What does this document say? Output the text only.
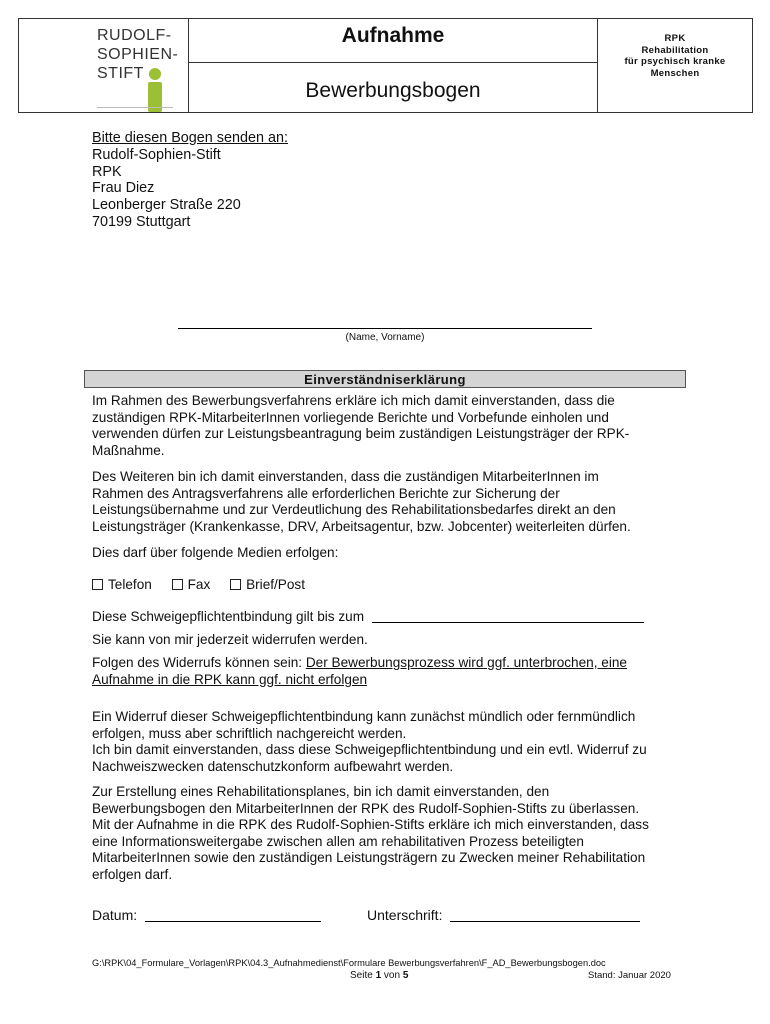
RUDOLF-
SOPHIEN-
STIFT
Aufnahme
Bewerbungsbogen
RPK
Rehabilitation
für psychisch kranke
Menschen
Bitte diesen Bogen senden an:
Rudolf-Sophien-Stift
RPK
Frau Diez
Leonberger Straße 220
70199 Stuttgart
(Name, Vorname)
Einverständniserklärung
Im Rahmen des Bewerbungsverfahrens erkläre ich mich damit einverstanden, dass die
zuständigen RPK-MitarbeiterInnen vorliegende Berichte und Vorbefunde einholen und
verwenden dürfen zur Leistungsbeantragung beim zuständigen Leistungsträger der RPK-
Maßnahme.
Des Weiteren bin ich damit einverstanden, dass die zuständigen MitarbeiterInnen im
Rahmen des Antragsverfahrens alle erforderlichen Berichte zur Sicherung der
Leistungsübernahme und zur Verdeutlichung des Rehabilitationsbedarfes direkt an den
Leistungsträger (Krankenkasse, DRV, Arbeitsagentur, bzw. Jobcenter) weiterleiten dürfen.
Dies darf über folgende Medien erfolgen:
Telefon	Fax	Brief/Post
Diese Schweigepflichtentbindung gilt bis zum
Sie kann von mir jederzeit widerrufen werden.
Folgen des Widerrufs können sein: Der Bewerbungsprozess wird ggf. unterbrochen, eine
Aufnahme in die RPK kann ggf. nicht erfolgen
Ein Widerruf dieser Schweigepflichtentbindung kann zunächst mündlich oder fernmündlich
erfolgen, muss aber schriftlich nachgereicht werden.
Ich bin damit einverstanden, dass diese Schweigepflichtentbindung und ein evtl. Widerruf zu
Nachweiszwecken datenschutzkonform aufbewahrt werden.
Zur Erstellung eines Rehabilitationsplanes, bin ich damit einverstanden, den
Bewerbungsbogen den MitarbeiterInnen der RPK des Rudolf-Sophien-Stifts zu überlassen.
Mit der Aufnahme in die RPK des Rudolf-Sophien-Stifts erkläre ich mich einverstanden, dass
eine Informationsweitergabe zwischen allen am rehabilitativen Prozess beteiligten
MitarbeiterInnen sowie den zuständigen Leistungsträgern zu Zwecken meiner Rehabilitation
erfolgen darf.
Datum:	Unterschrift:
G:\RPK\04_Formulare_Vorlagen\RPK\04.3_Aufnahmedienst\Formulare Bewerbungsverfahren\F_AD_Bewerbungsbogen.doc
Seite 1 von 5	Stand: Januar 2020
